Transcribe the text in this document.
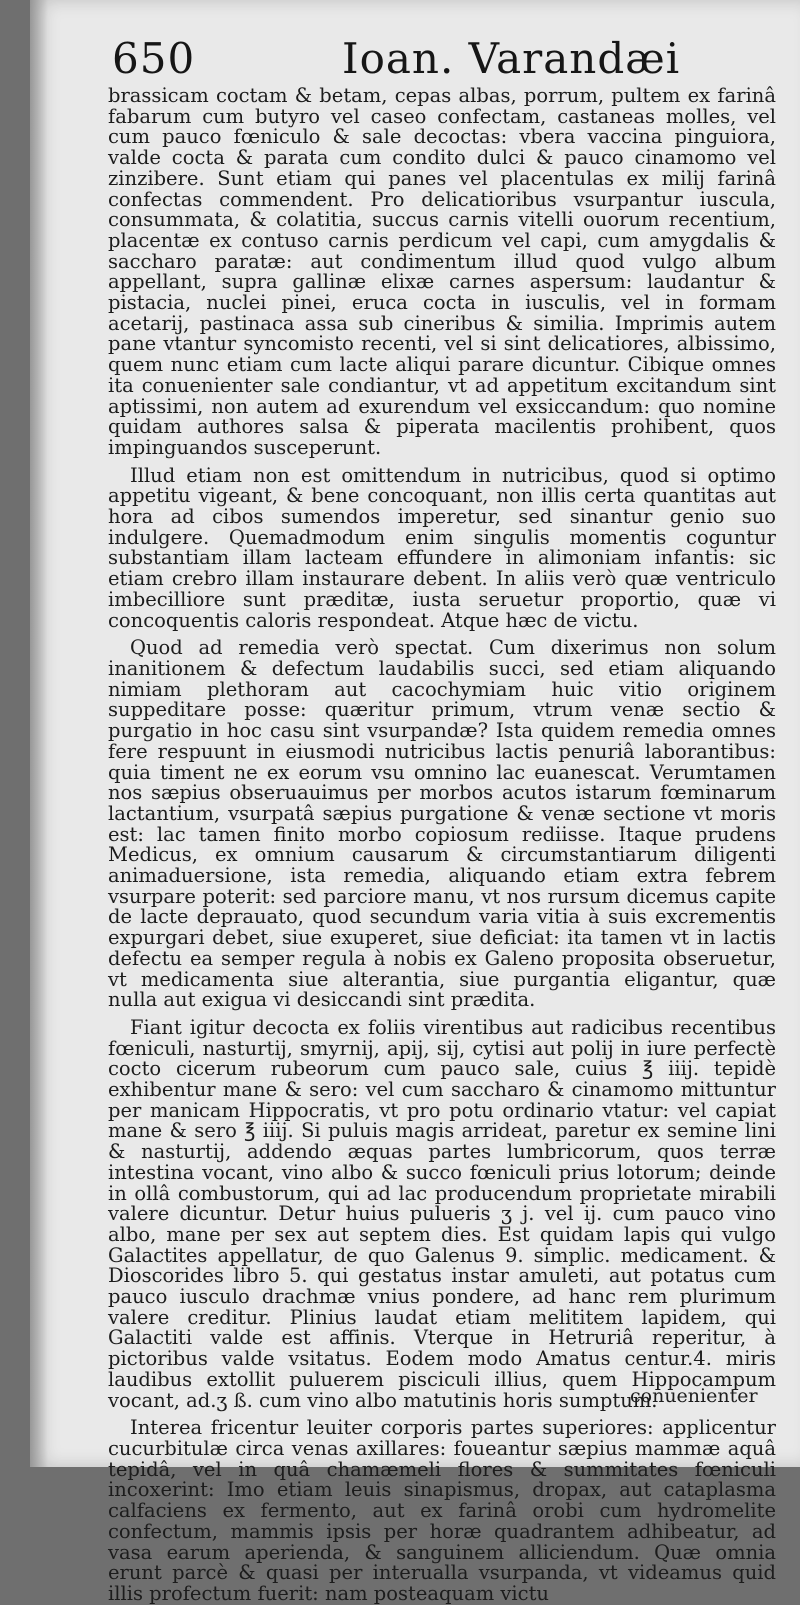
650	Ioan. Varandæi

brassicam coctam & betam, cepas albas, porrum, pultem ex farinâ fabarum cum butyro vel caseo confectam, castaneas molles, vel cum pauco fœniculo & sale decoctas: vbera vaccina pinguiora, valde cocta & parata cum condito dulci & pauco cinamomo vel zinzibere. Sunt etiam qui panes vel placentulas ex milij farinâ confectas commendent. Pro delicatioribus vsurpantur iuscula, consummata, & colatitia, succus carnis vitelli ouorum recentium, placentæ ex contuso carnis perdicum vel capi, cum amygdalis & saccharo paratæ: aut condimentum illud quod vulgo album appellant, supra gallinæ elixæ carnes aspersum: laudantur & pistacia, nuclei pinei, eruca cocta in iusculis, vel in formam acetarij, pastinaca assa sub cineribus & similia. Imprimis autem pane vtantur syncomisto recenti, vel si sint delicatiores, albissimo, quem nunc etiam cum lacte aliqui parare dicuntur. Cibique omnes ita conuenienter sale condiantur, vt ad appetitum excitandum sint aptissimi, non autem ad exurendum vel exsiccandum: quo nomine quidam authores salsa & piperata macilentis prohibent, quos impinguandos susceperunt.

Illud etiam non est omittendum in nutricibus, quod si optimo appetitu vigeant, & bene concoquant, non illis certa quantitas aut hora ad cibos sumendos imperetur, sed sinantur genio suo indulgere. Quemadmodum enim singulis momentis coguntur substantiam illam lacteam effundere in alimoniam infantis: sic etiam crebro illam instaurare debent. In aliis verò quæ ventriculo imbecilliore sunt præditæ, iusta seruetur proportio, quæ vi concoquentis caloris respondeat. Atque hæc de victu.

Quod ad remedia verò spectat. Cum dixerimus non solum inanitionem & defectum laudabilis succi, sed etiam aliquando nimiam plethoram aut cacochymiam huic vitio originem suppeditare posse: quæritur primum, vtrum venæ sectio & purgatio in hoc casu sint vsurpandæ? Ista quidem remedia omnes fere respuunt in eiusmodi nutricibus lactis penuriâ laborantibus: quia timent ne ex eorum vsu omnino lac euanescat. Verumtamen nos sæpius obseruauimus per morbos acutos istarum fœminarum lactantium, vsurpatâ sæpius purgatione & venæ sectione vt moris est: lac tamen finito morbo copiosum rediisse. Itaque prudens Medicus, ex omnium causarum & circumstantiarum diligenti animaduersione, ista remedia, aliquando etiam extra febrem vsurpare poterit: sed parciore manu, vt nos rursum dicemus capite de lacte deprauato, quod secundum varia vitia à suis excrementis expurgari debet, siue exuperet, siue deficiat: ita tamen vt in lactis defectu ea semper regula à nobis ex Galeno proposita obseruetur, vt medicamenta siue alterantia, siue purgantia eligantur, quæ nulla aut exigua vi desiccandi sint prædita.

Fiant igitur decocta ex foliis virentibus aut radicibus recentibus fœniculi, nasturtij, smyrnij, apij, sij, cytisi aut polij in iure perfectè cocto cicerum rubeorum cum pauco sale, cuius ℥ iiij. tepidè exhibentur mane & sero: vel cum saccharo & cinamomo mittuntur per manicam Hippocratis, vt pro potu ordinario vtatur: vel capiat mane & sero ℥ iiij. Si puluis magis arrideat, paretur ex semine lini & nasturtij, addendo æquas partes lumbricorum, quos terræ intestina vocant, vino albo & succo fœniculi prius lotorum; deinde in ollâ combustorum, qui ad lac producendum proprietate mirabili valere dicuntur. Detur huius pulueris ʒ j. vel ij. cum pauco vino albo, mane per sex aut septem dies. Est quidam lapis qui vulgo Galactites appellatur, de quo Galenus 9. simplic. medicament. & Dioscorides libro 5. qui gestatus instar amuleti, aut potatus cum pauco iusculo drachmæ vnius pondere, ad hanc rem plurimum valere creditur. Plinius laudat etiam melititem lapidem, qui Galactiti valde est affinis. Vterque in Hetruriâ reperitur, à pictoribus valde vsitatus. Eodem modo Amatus centur.4. miris laudibus extollit puluerem pisciculi illius, quem Hippocampum vocant, ad.ʒ ß. cum vino albo matutinis horis sumptum.

Interea fricentur leuiter corporis partes superiores: applicentur cucurbitulæ circa venas axillares: foueantur sæpius mammæ aquâ tepidâ, vel in quâ chamæmeli flores & summitates fœniculi incoxerint: Imo etiam leuis sinapismus, dropax, aut cataplasma calfaciens ex fermento, aut ex farinâ orobi cum hydromelite confectum, mammis ipsis per horæ quadrantem adhibeatur, ad vasa earum aperienda, & sanguinem alliciendum. Quæ omnia erunt parcè & quasi per interualla vsurpanda, vt videamus quid illis profectum fuerit: nam posteaquam victu

conuenienter
